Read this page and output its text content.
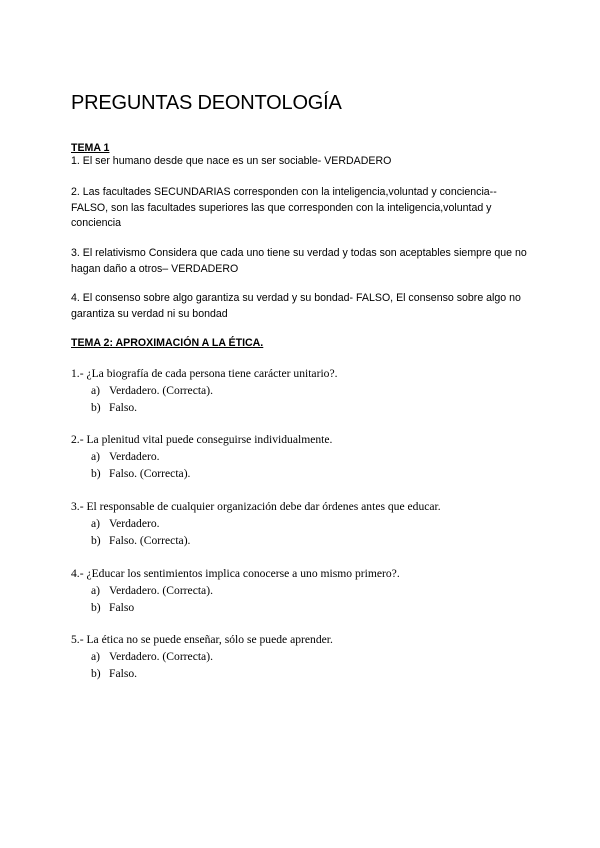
PREGUNTAS DEONTOLOGÍA
TEMA 1

1. El ser humano desde que nace es un ser sociable- VERDADERO

2. Las facultades SECUNDARIAS corresponden con la inteligencia,voluntad y conciencia--FALSO, son las facultades superiores las que corresponden con la inteligencia,voluntad y conciencia

3. El relativismo Considera que cada uno tiene su verdad y todas son aceptables siempre que no hagan daño a otros– VERDADERO

4. El consenso sobre algo garantiza su verdad y su bondad- FALSO, El consenso sobre algo no garantiza su verdad ni su bondad

TEMA 2: APROXIMACIÓN A LA ÉTICA.
1.- ¿La biografía de cada persona tiene carácter unitario?.
a) Verdadero. (Correcta).
b) Falso.
2.- La plenitud vital puede conseguirse individualmente.
a) Verdadero.
b) Falso. (Correcta).
3.- El responsable de cualquier organización debe dar órdenes antes que educar.
a) Verdadero.
b) Falso. (Correcta).
4.- ¿Educar los sentimientos implica conocerse a uno mismo primero?.
a) Verdadero. (Correcta).
b) Falso
5.- La ética no se puede enseñar, sólo se puede aprender.
a) Verdadero. (Correcta).
b) Falso.
